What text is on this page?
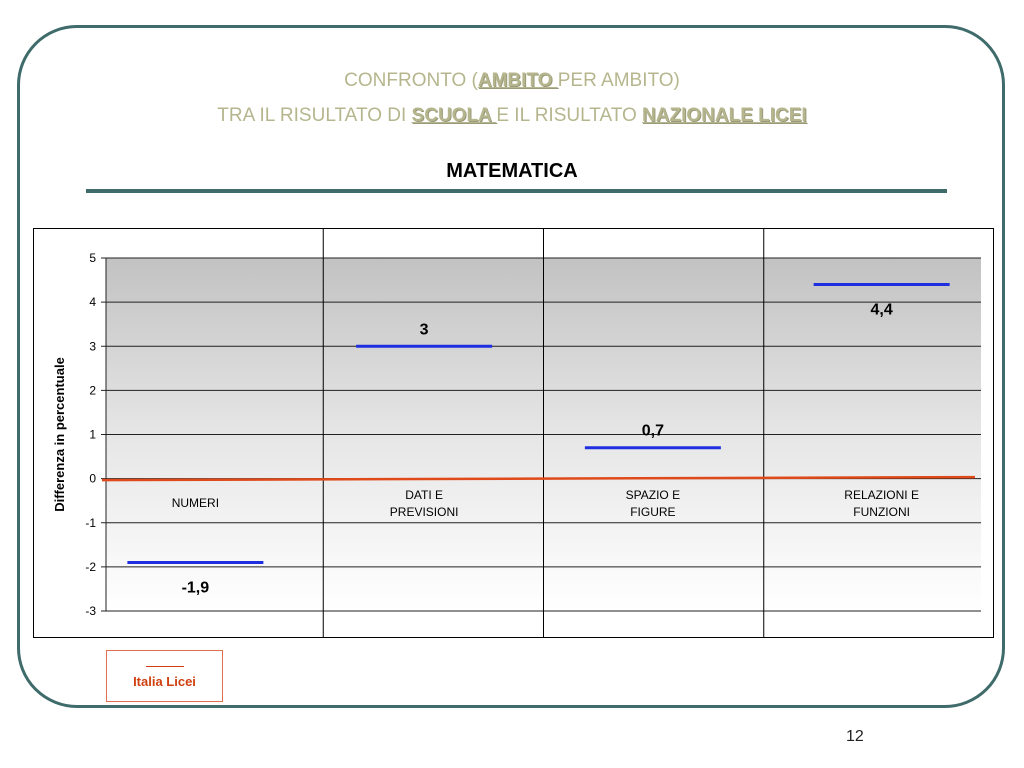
CONFRONTO (AMBITO PER AMBITO)
TRA IL RISULTATO DI SCUOLA E IL RISULTATO NAZIONALE LICEI
MATEMATICA
5
4
3
2
1
0
-1
-2
-3
NUMERI
DATI E
PREVISIONI
SPAZIO E
FIGURE
RELAZIONI E
FUNZIONI
-1,9
3
0,7
4,4
Differenza in percentuale
Italia Licei
12
